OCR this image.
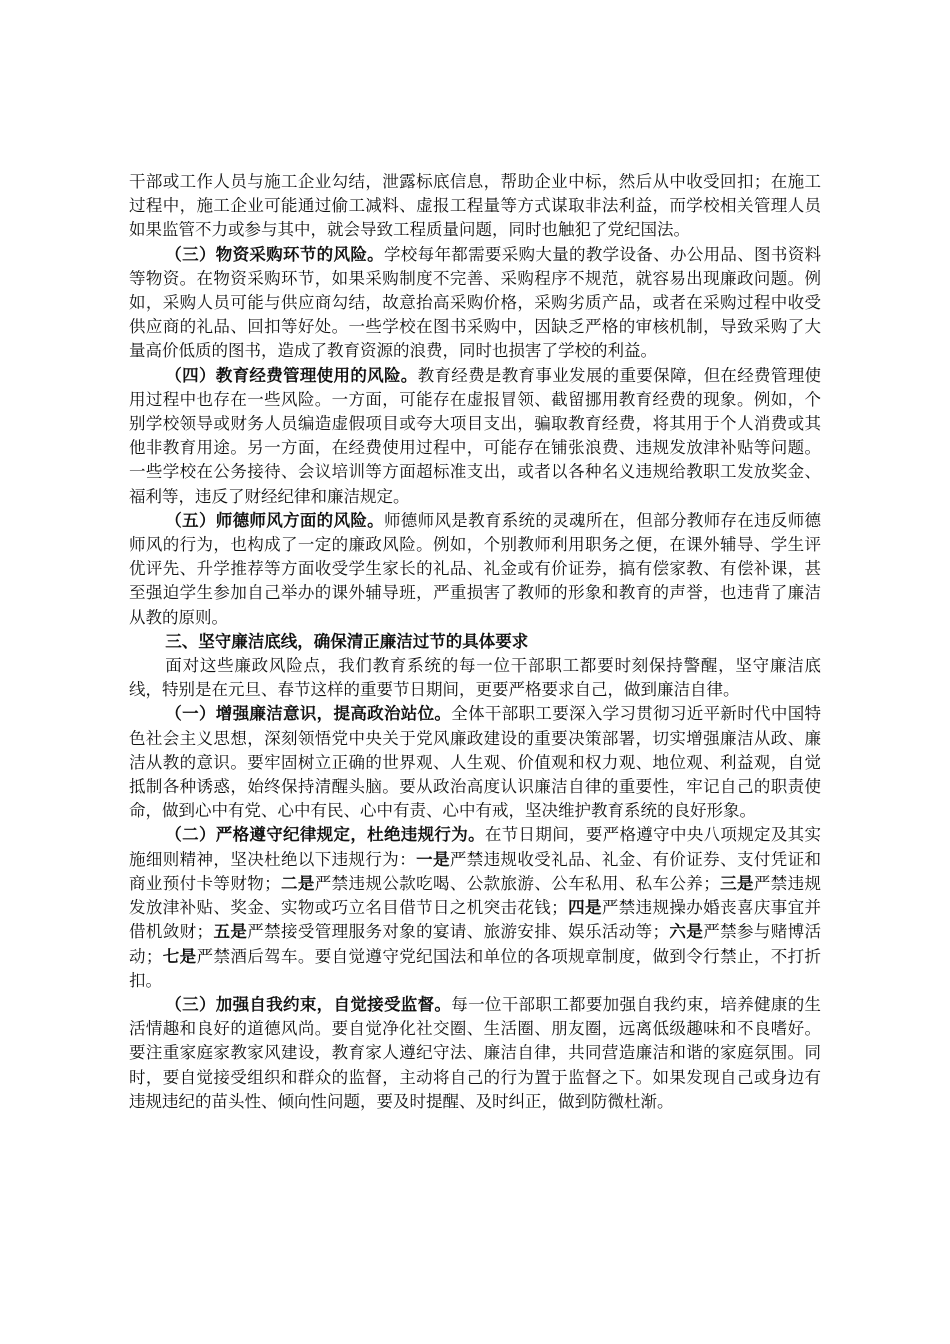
干部或工作人员与施工企业勾结，泄露标底信息，帮助企业中标，然后从中收受回扣；在施工过程中，施工企业可能通过偷工减料、虚报工程量等方式谋取非法利益，而学校相关管理人员如果监管不力或参与其中，就会导致工程质量问题，同时也触犯了党纪国法。

（三）物资采购环节的风险。学校每年都需要采购大量的教学设备、办公用品、图书资料等物资。在物资采购环节，如果采购制度不完善、采购程序不规范，就容易出现廉政问题。例如，采购人员可能与供应商勾结，故意抬高采购价格，采购劣质产品，或者在采购过程中收受供应商的礼品、回扣等好处。一些学校在图书采购中，因缺乏严格的审核机制，导致采购了大量高价低质的图书，造成了教育资源的浪费，同时也损害了学校的利益。

（四）教育经费管理使用的风险。教育经费是教育事业发展的重要保障，但在经费管理使用过程中也存在一些风险。一方面，可能存在虚报冒领、截留挪用教育经费的现象。例如，个别学校领导或财务人员编造虚假项目或夸大项目支出，骗取教育经费，将其用于个人消费或其他非教育用途。另一方面，在经费使用过程中，可能存在铺张浪费、违规发放津补贴等问题。一些学校在公务接待、会议培训等方面超标准支出，或者以各种名义违规给教职工发放奖金、福利等，违反了财经纪律和廉洁规定。

（五）师德师风方面的风险。师德师风是教育系统的灵魂所在，但部分教师存在违反师德师风的行为，也构成了一定的廉政风险。例如，个别教师利用职务之便，在课外辅导、学生评优评先、升学推荐等方面收受学生家长的礼品、礼金或有价证券，搞有偿家教、有偿补课，甚至强迫学生参加自己举办的课外辅导班，严重损害了教师的形象和教育的声誉，也违背了廉洁从教的原则。

三、坚守廉洁底线，确保清正廉洁过节的具体要求

面对这些廉政风险点，我们教育系统的每一位干部职工都要时刻保持警醒，坚守廉洁底线，特别是在元旦、春节这样的重要节日期间，更要严格要求自己，做到廉洁自律。

（一）增强廉洁意识，提高政治站位。全体干部职工要深入学习贯彻习近平新时代中国特色社会主义思想，深刻领悟党中央关于党风廉政建设的重要决策部署，切实增强廉洁从政、廉洁从教的意识。要牢固树立正确的世界观、人生观、价值观和权力观、地位观、利益观，自觉抵制各种诱惑，始终保持清醒头脑。要从政治高度认识廉洁自律的重要性，牢记自己的职责使命，做到心中有党、心中有民、心中有责、心中有戒，坚决维护教育系统的良好形象。

（二）严格遵守纪律规定，杜绝违规行为。在节日期间，要严格遵守中央八项规定及其实施细则精神，坚决杜绝以下违规行为：一是严禁违规收受礼品、礼金、有价证券、支付凭证和商业预付卡等财物；二是严禁违规公款吃喝、公款旅游、公车私用、私车公养；三是严禁违规发放津补贴、奖金、实物或巧立名目借节日之机突击花钱；四是严禁违规操办婚丧喜庆事宜并借机敛财；五是严禁接受管理服务对象的宴请、旅游安排、娱乐活动等；六是严禁参与赌博活动；七是严禁酒后驾车。要自觉遵守党纪国法和单位的各项规章制度，做到令行禁止，不打折扣。

（三）加强自我约束，自觉接受监督。每一位干部职工都要加强自我约束，培养健康的生活情趣和良好的道德风尚。要自觉净化社交圈、生活圈、朋友圈，远离低级趣味和不良嗜好。要注重家庭家教家风建设，教育家人遵纪守法、廉洁自律，共同营造廉洁和谐的家庭氛围。同时，要自觉接受组织和群众的监督，主动将自己的行为置于监督之下。如果发现自己或身边有违规违纪的苗头性、倾向性问题，要及时提醒、及时纠正，做到防微杜渐。
